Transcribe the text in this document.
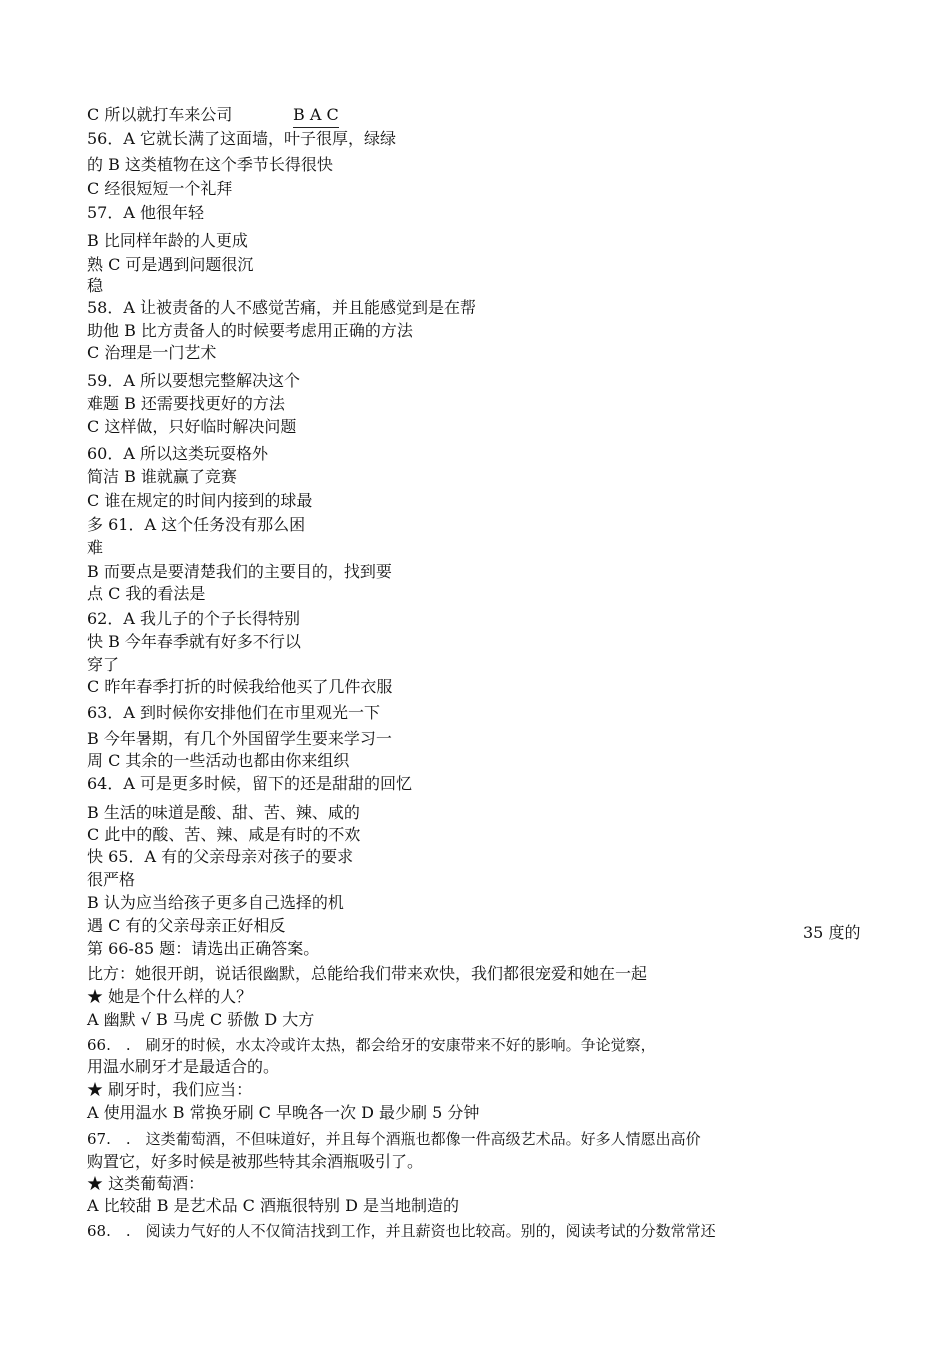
C 所以就打车来公司	B A C
56．A 它就长满了这面墙，叶子很厚，绿绿
的 B 这类植物在这个季节长得很快
C 经很短短一个礼拜
57．A 他很年轻
B 比同样年龄的人更成
熟 C 可是遇到问题很沉
稳
58．A 让被责备的人不感觉苦痛，并且能感觉到是在帮
助他 B 比方责备人的时候要考虑用正确的方法
C 治理是一门艺术
59．A 所以要想完整解决这个
难题 B 还需要找更好的方法
C 这样做，只好临时解决问题
60．A 所以这类玩耍格外
简洁 B 谁就赢了竞赛
C 谁在规定的时间内接到的球最
多 61．A 这个任务没有那么困
难
B 而要点是要清楚我们的主要目的，找到要
点 C 我的看法是
62．A 我儿子的个子长得特别
快 B 今年春季就有好多不行以
穿了
C 昨年春季打折的时候我给他买了几件衣服
63．A 到时候你安排他们在市里观光一下
B 今年暑期，有几个外国留学生要来学习一
周 C 其余的一些活动也都由你来组织
64．A 可是更多时候，留下的还是甜甜的回忆
B 生活的味道是酸、甜、苦、辣、咸的
C 此中的酸、苦、辣、咸是有时的不欢
快 65．A 有的父亲母亲对孩子的要求
很严格
B 认为应当给孩子更多自己选择的机
遇 C 有的父亲母亲正好相反	35 度的
第 66-85 题：请选出正确答案。
比方：她很开朗，说话很幽默，总能给我们带来欢快，我们都很宠爱和她在一起
★ 她是个什么样的人？
A 幽默 √ B 马虎 C 骄傲 D 大方
66.　.　刷牙的时候，水太冷或许太热，都会给牙的安康带来不好的影响。争论觉察，
用温水刷牙才是最适合的。
★ 刷牙时，我们应当：
A 使用温水 B 常换牙刷 C 早晚各一次 D 最少刷 5 分钟
67.　.　这类葡萄酒，不但味道好，并且每个酒瓶也都像一件高级艺术品。好多人情愿出高价
购置它，好多时候是被那些特其余酒瓶吸引了。
★ 这类葡萄酒：
A 比较甜 B 是艺术品 C 酒瓶很特别 D 是当地制造的
68.　.　阅读力气好的人不仅简洁找到工作，并且薪资也比较高。别的，阅读考试的分数常常还
